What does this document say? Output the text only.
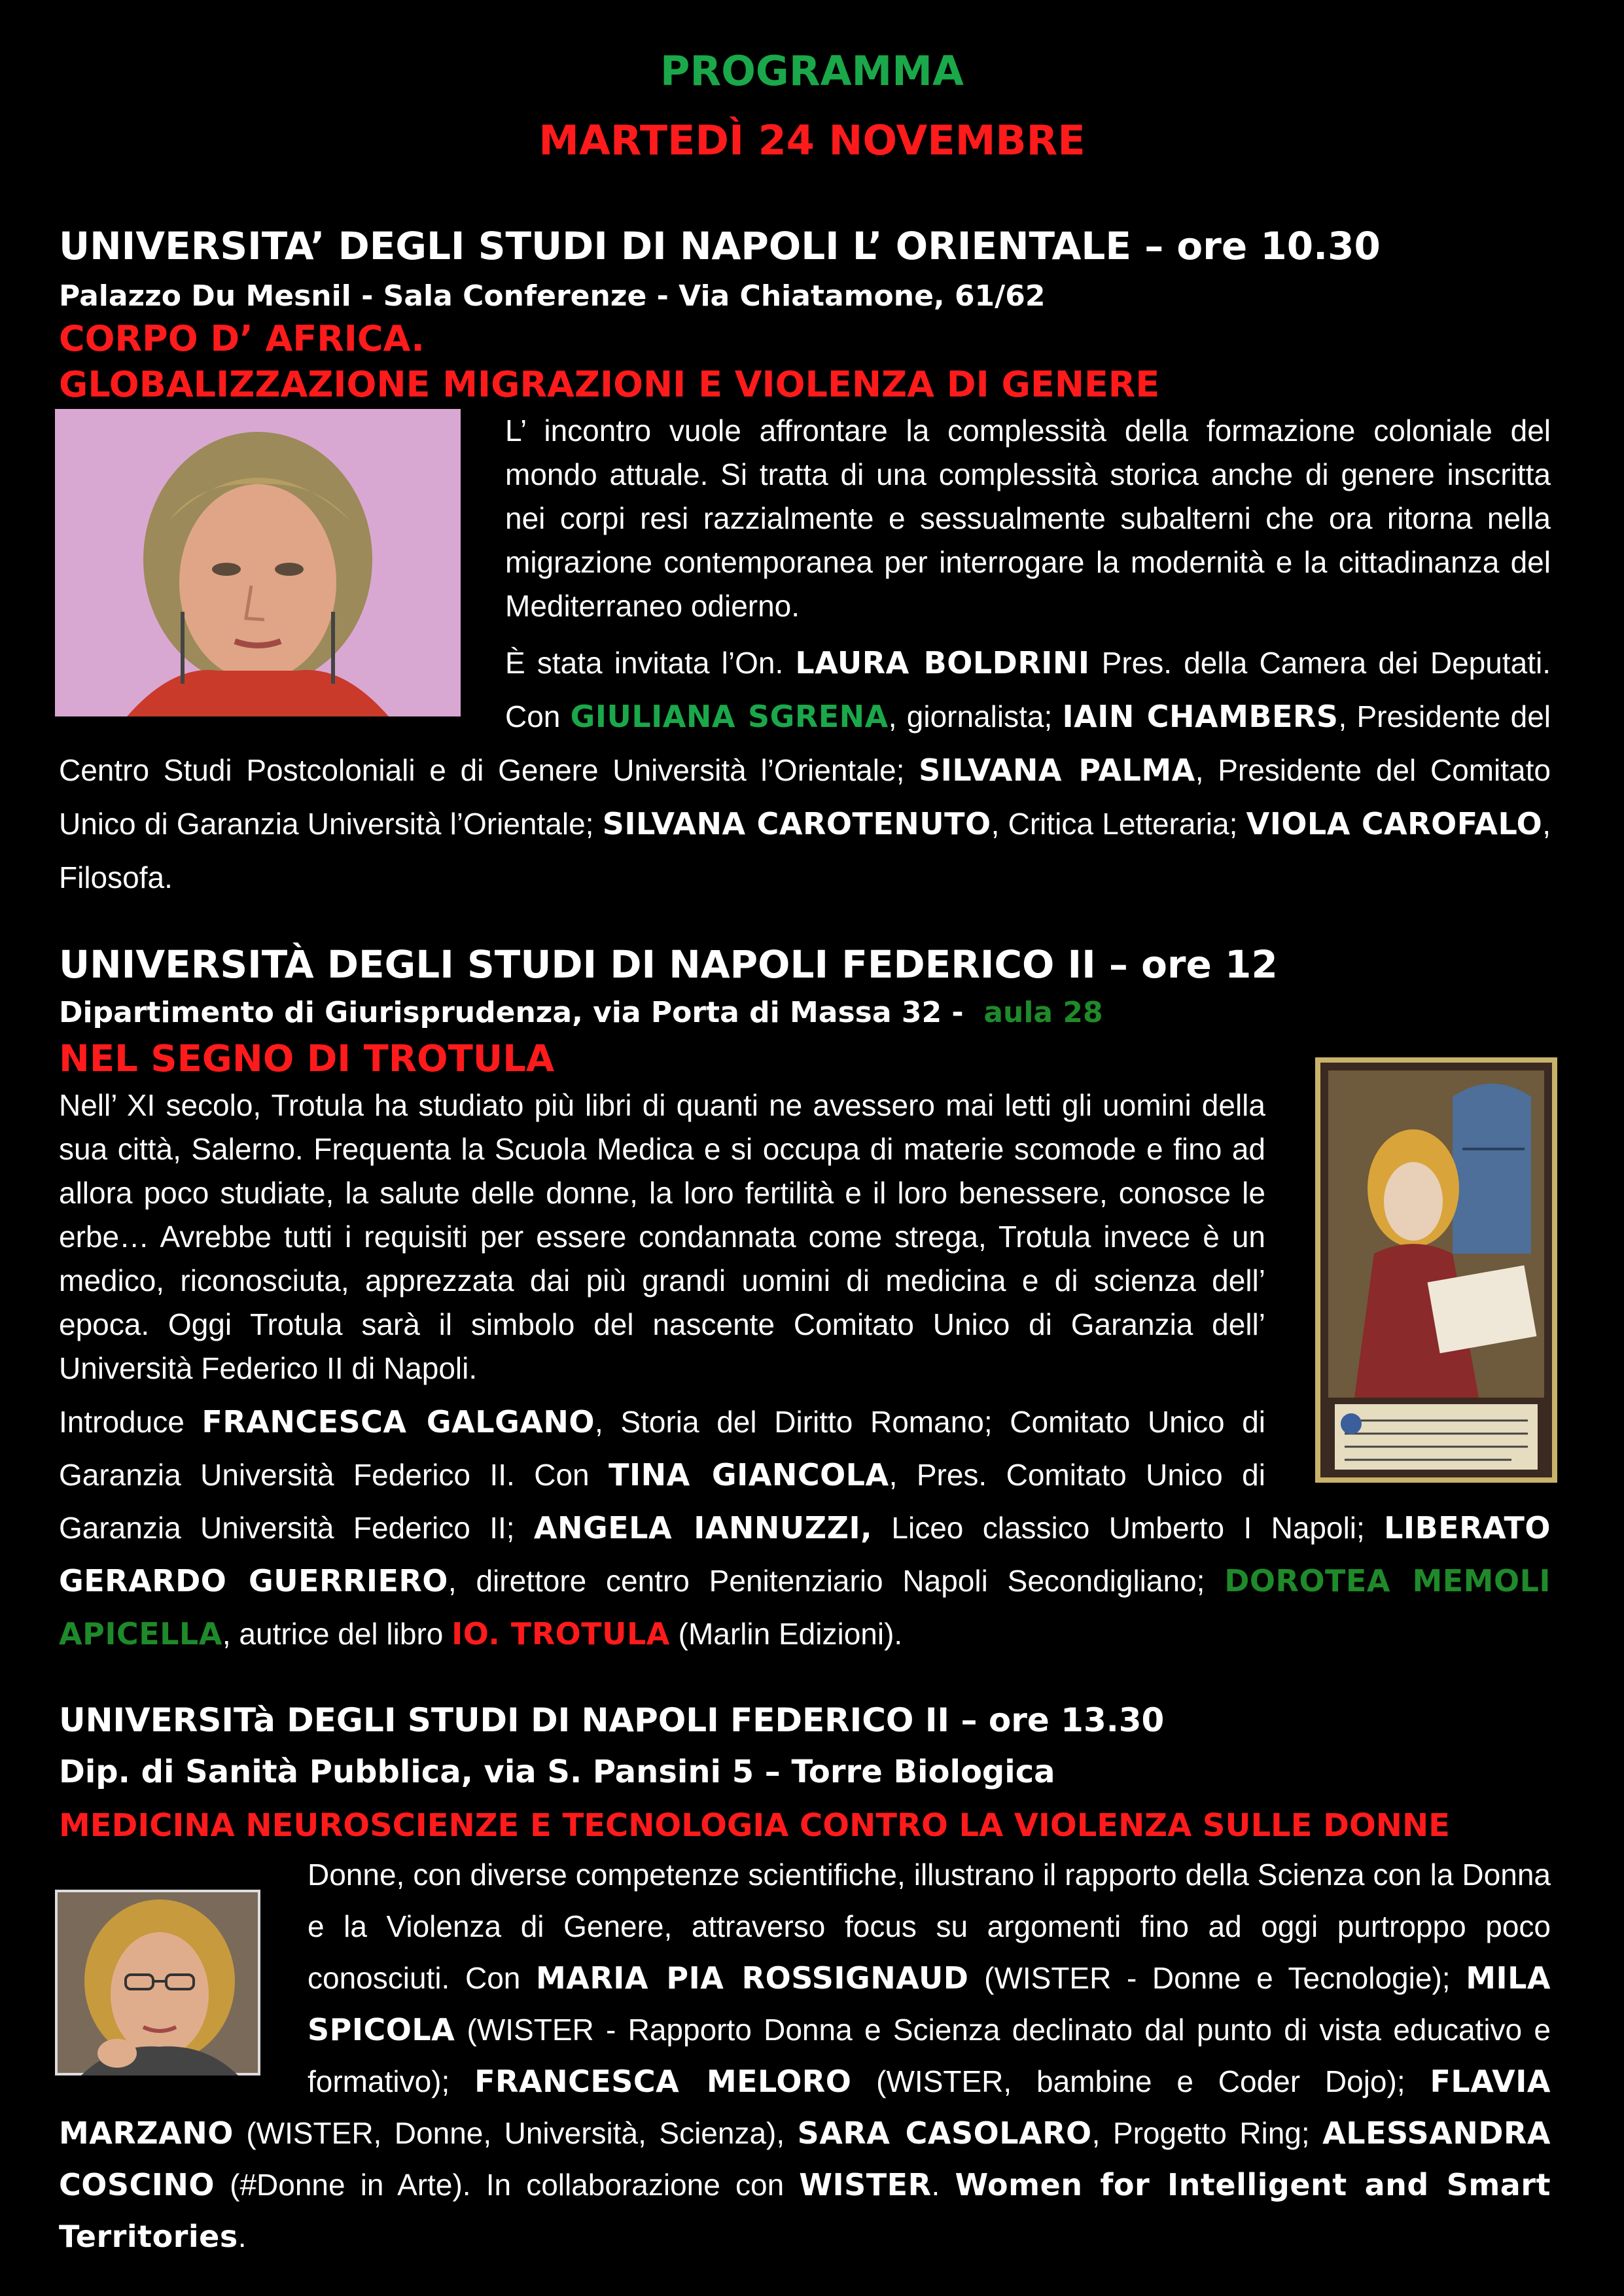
PROGRAMMA
MARTEDÌ 24 NOVEMBRE
UNIVERSITA’ DEGLI STUDI DI NAPOLI L’ ORIENTALE – ore 10.30
Palazzo Du Mesnil - Sala Conferenze - Via Chiatamone, 61/62
CORPO D’ AFRICA.
GLOBALIZZAZIONE MIGRAZIONI E VIOLENZA DI GENERE

L’ incontro vuole affrontare la complessità della formazione coloniale del mondo attuale. Si tratta di una complessità storica anche di genere inscritta nei corpi resi razzialmente e sessualmente subalterni che ora ritorna nella migrazione contemporanea per interrogare la modernità e la cittadinanza del Mediterraneo odierno.

È stata invitata l’On. LAURA BOLDRINI Pres. della Camera dei Deputati. Con GIULIANA SGRENA, giornalista; IAIN CHAMBERS, Presidente del Centro Studi Postcoloniali e di Genere Università l’Orientale; SILVANA PALMA, Presidente del Comitato Unico di Garanzia Università l’Orientale; SILVANA CAROTENUTO, Critica Letteraria; VIOLA CAROFALO, Filosofa.

UNIVERSITÀ DEGLI STUDI DI NAPOLI FEDERICO II – ore 12
Dipartimento di Giurisprudenza, via Porta di Massa 32 -  aula 28
NEL SEGNO DI TROTULA

Nell’ XI secolo, Trotula ha studiato più libri di quanti ne avessero mai letti gli uomini della sua città, Salerno. Frequenta la Scuola Medica e si occupa di materie scomode e fino ad allora poco studiate, la salute delle donne, la loro fertilità e il loro benessere, conosce le erbe… Avrebbe tutti i requisiti per essere condannata come strega, Trotula invece è un medico, riconosciuta, apprezzata dai più grandi uomini di medicina e di scienza dell’ epoca. Oggi Trotula sarà il simbolo del nascente Comitato Unico di Garanzia dell’ Università Federico II di Napoli.

Introduce FRANCESCA GALGANO, Storia del Diritto Romano; Comitato Unico di Garanzia Università Federico II. Con TINA GIANCOLA, Pres. Comitato Unico di Garanzia Università Federico II; ANGELA IANNUZZI, Liceo classico Umberto I Napoli; LIBERATO GERARDO GUERRIERO, direttore centro Penitenziario Napoli Secondigliano; DOROTEA MEMOLI APICELLA, autrice del libro IO. TROTULA (Marlin Edizioni).

UNIVERSITà DEGLI STUDI DI NAPOLI FEDERICO II – ore 13.30
Dip. di Sanità Pubblica, via S. Pansini 5 – Torre Biologica
MEDICINA NEUROSCIENZE E TECNOLOGIA CONTRO LA VIOLENZA SULLE DONNE

Donne, con diverse competenze scientifiche, illustrano il rapporto della Scienza con la Donna e la Violenza di Genere, attraverso focus su argomenti fino ad oggi purtroppo poco conosciuti. Con MARIA PIA ROSSIGNAUD (WISTER - Donne e Tecnologie); MILA SPICOLA (WISTER - Rapporto Donna e Scienza declinato dal punto di vista educativo e formativo); FRANCESCA MELORO (WISTER, bambine e Coder Dojo); FLAVIA MARZANO (WISTER, Donne, Università, Scienza), SARA CASOLARO, Progetto Ring; ALESSANDRA COSCINO (#Donne in Arte). In collaborazione con WISTER. Women for Intelligent and Smart Territories.
